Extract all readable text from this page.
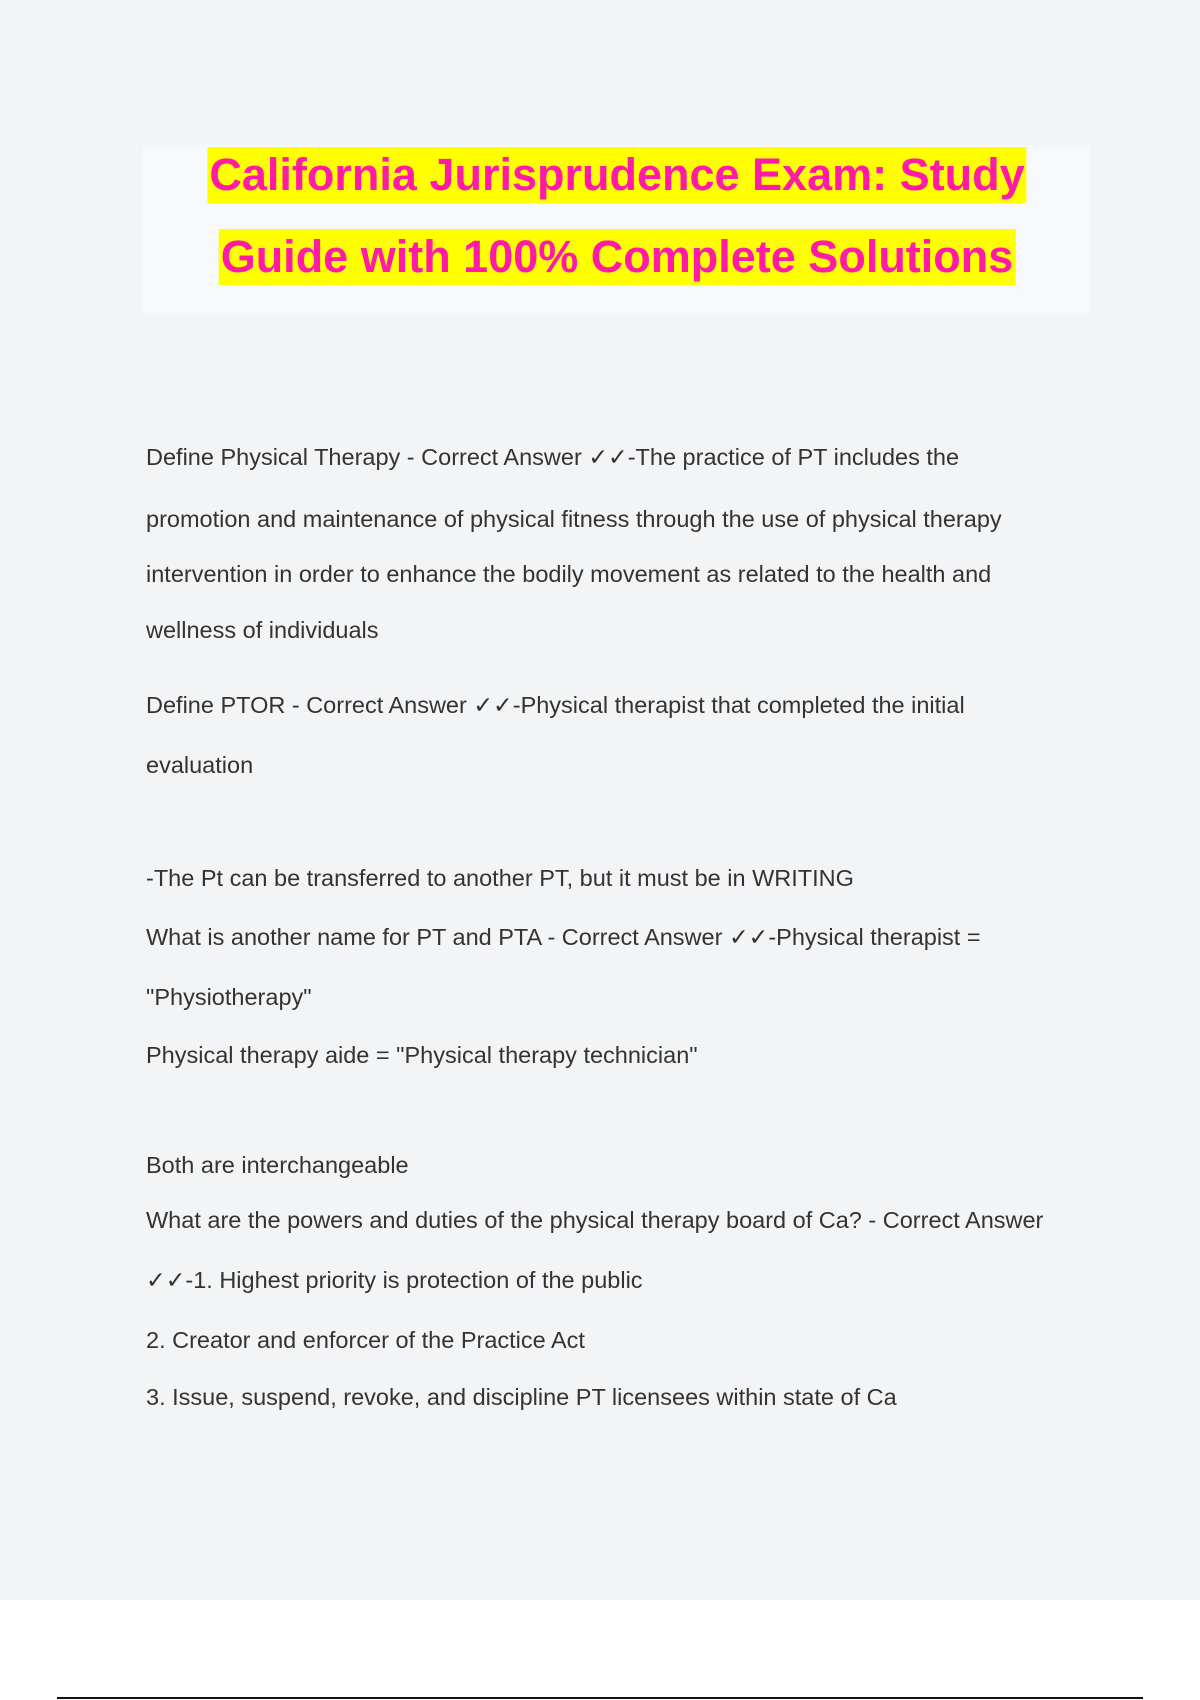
California Jurisprudence Exam: Study
Guide with 100% Complete Solutions

Define Physical Therapy - Correct Answer ✓✓-The practice of PT includes the

promotion and maintenance of physical fitness through the use of physical therapy

intervention in order to enhance the bodily movement as related to the health and

wellness of individuals

Define PTOR - Correct Answer ✓✓-Physical therapist that completed the initial

evaluation

-The Pt can be transferred to another PT, but it must be in WRITING

What is another name for PT and PTA - Correct Answer ✓✓-Physical therapist =

"Physiotherapy"

Physical therapy aide = "Physical therapy technician"

Both are interchangeable

What are the powers and duties of the physical therapy board of Ca? - Correct Answer

✓✓-1. Highest priority is protection of the public

2. Creator and enforcer of the Practice Act

3. Issue, suspend, revoke, and discipline PT licensees within state of Ca
